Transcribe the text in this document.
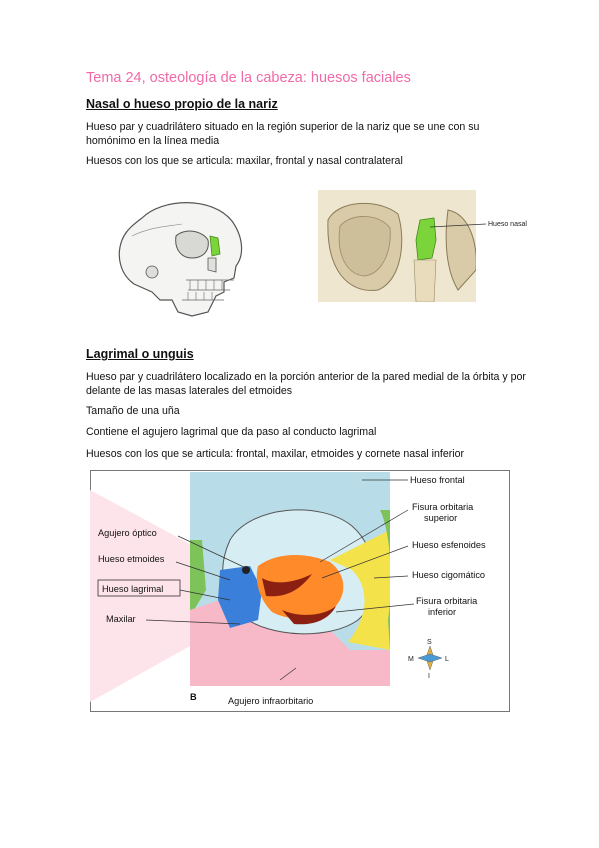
Tema 24, osteología de la cabeza: huesos faciales
Nasal o hueso propio de la nariz
Hueso par y cuadrilátero situado en la región superior de la nariz que se une con su homónimo en la línea media
Huesos con los que se articula: maxilar, frontal y nasal contralateral
Hueso nasal
Lagrimal o unguis
Hueso par y cuadrilátero localizado en la porción anterior de la pared medial de la órbita y por delante de las masas laterales del etmoides
Tamaño de una uña
Contiene el agujero lagrimal que da paso al conducto lagrimal
Huesos con los que se articula: frontal, maxilar, etmoides y cornete nasal inferior
Agujero óptico
Hueso etmoides
Hueso lagrimal
Maxilar
Hueso frontal
Fisura orbitaria
superior
Hueso esfenoides
Hueso cigomático
Fisura orbitaria
inferior
Agujero infraorbitario
B
S
I
M	L
